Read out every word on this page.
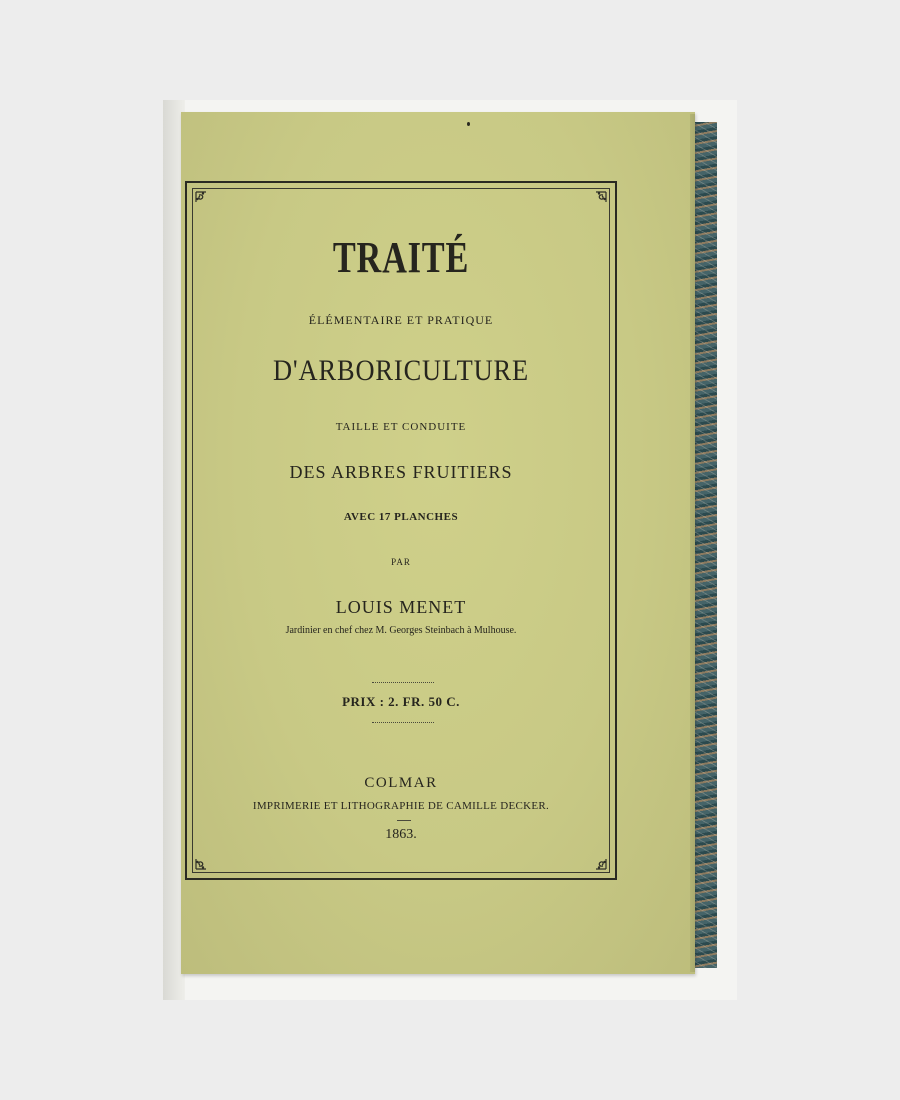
TRAITÉ
ÉLÉMENTAIRE ET PRATIQUE
D'ARBORICULTURE
TAILLE ET CONDUITE
DES ARBRES FRUITIERS
AVEC 17 PLANCHES
PAR
LOUIS MENET
Jardinier en chef chez M. Georges Steinbach à Mulhouse.
PRIX : 2. FR. 50 C.
COLMAR
IMPRIMERIE ET LITHOGRAPHIE DE CAMILLE DECKER.
1863.
